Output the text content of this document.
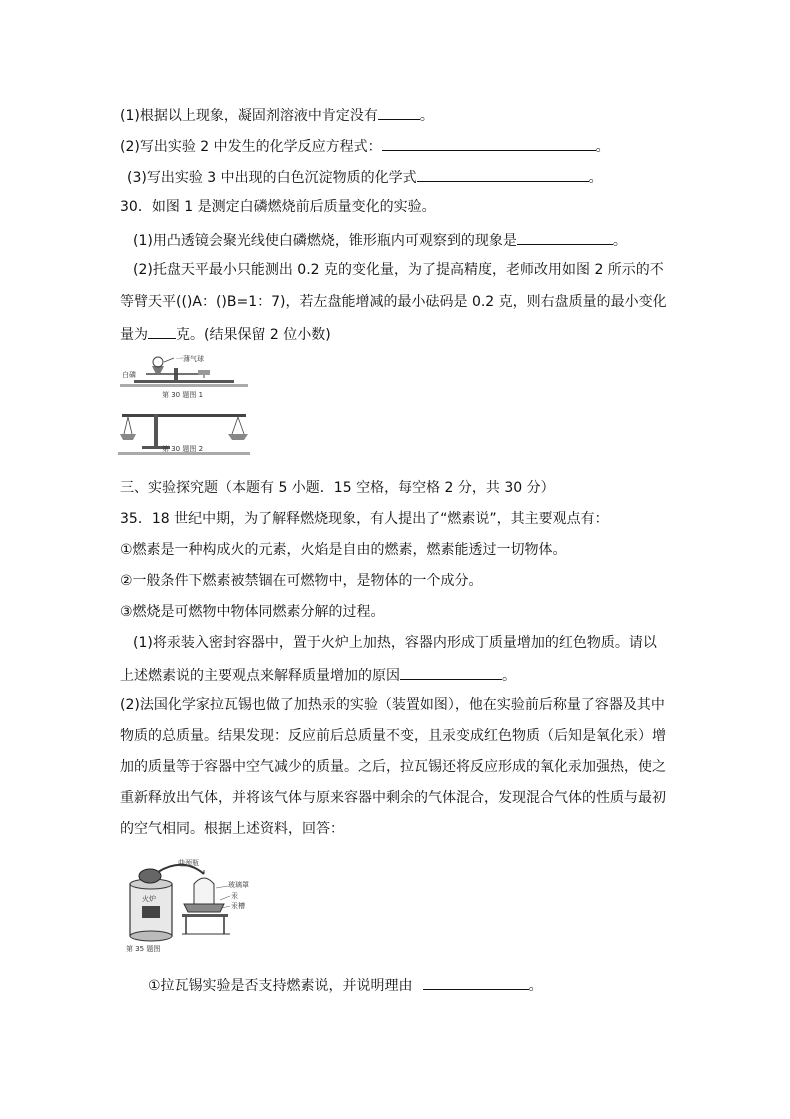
(1)根据以上现象，凝固剂溶液中肯定没有	。
(2)写出实验 2 中发生的化学反应方程式：	。
(3)写出实验 3 中出现的白色沉淀物质的化学式	。
30．如图 1 是测定白磷燃烧前后质量变化的实验。
(1)用凸透镜会聚光线使白磷燃烧，锥形瓶内可观察到的现象是	。
(2)托盘天平最小只能测出 0.2 克的变化量，为了提高精度，老师改用如图 2 所示的不
等臂天平(()A：()B=1：7)，若左盘能增减的最小砝码是 0.2 克，则右盘质量的最小变化
量为 克。(结果保留 2 位小数)
一薄气球
白磷
第 30 题图 1
第 30 题图 2
三、实验探究题（本题有 5 小题．15 空格，每空格 2 分，共 30 分）
35．18 世纪中期，为了解释燃烧现象，有人提出了“燃素说”，其主要观点有：
①燃素是一种构成火的元素，火焰是自由的燃素，燃素能透过一切物体。
②一般条件下燃素被禁锢在可燃物中，是物体的一个成分。
③燃烧是可燃物中物体同燃素分解的过程。
(1)将汞装入密封容器中，置于火炉上加热，容器内形成丁质量增加的红色物质。请以
上述燃素说的主要观点来解释质量增加的原因	。
(2)法国化学家拉瓦锡也做了加热汞的实验（装置如图），他在实验前后称量了容器及其中
物质的总质量。结果发现：反应前后总质量不变，且汞变成红色物质（后知是氧化汞）增
加的质量等于容器中空气减少的质量。之后，拉瓦锡还将反应形成的氧化汞加强热，使之
重新释放出气体，并将该气体与原来容器中剩余的气体混合，发现混合气体的性质与最初
的空气相同。根据上述资料，回答：
曲颈瓶
玻璃罩
汞
汞槽
火炉
第 35 题图
①拉瓦锡实验是否支持燃素说，并说明理由	。
